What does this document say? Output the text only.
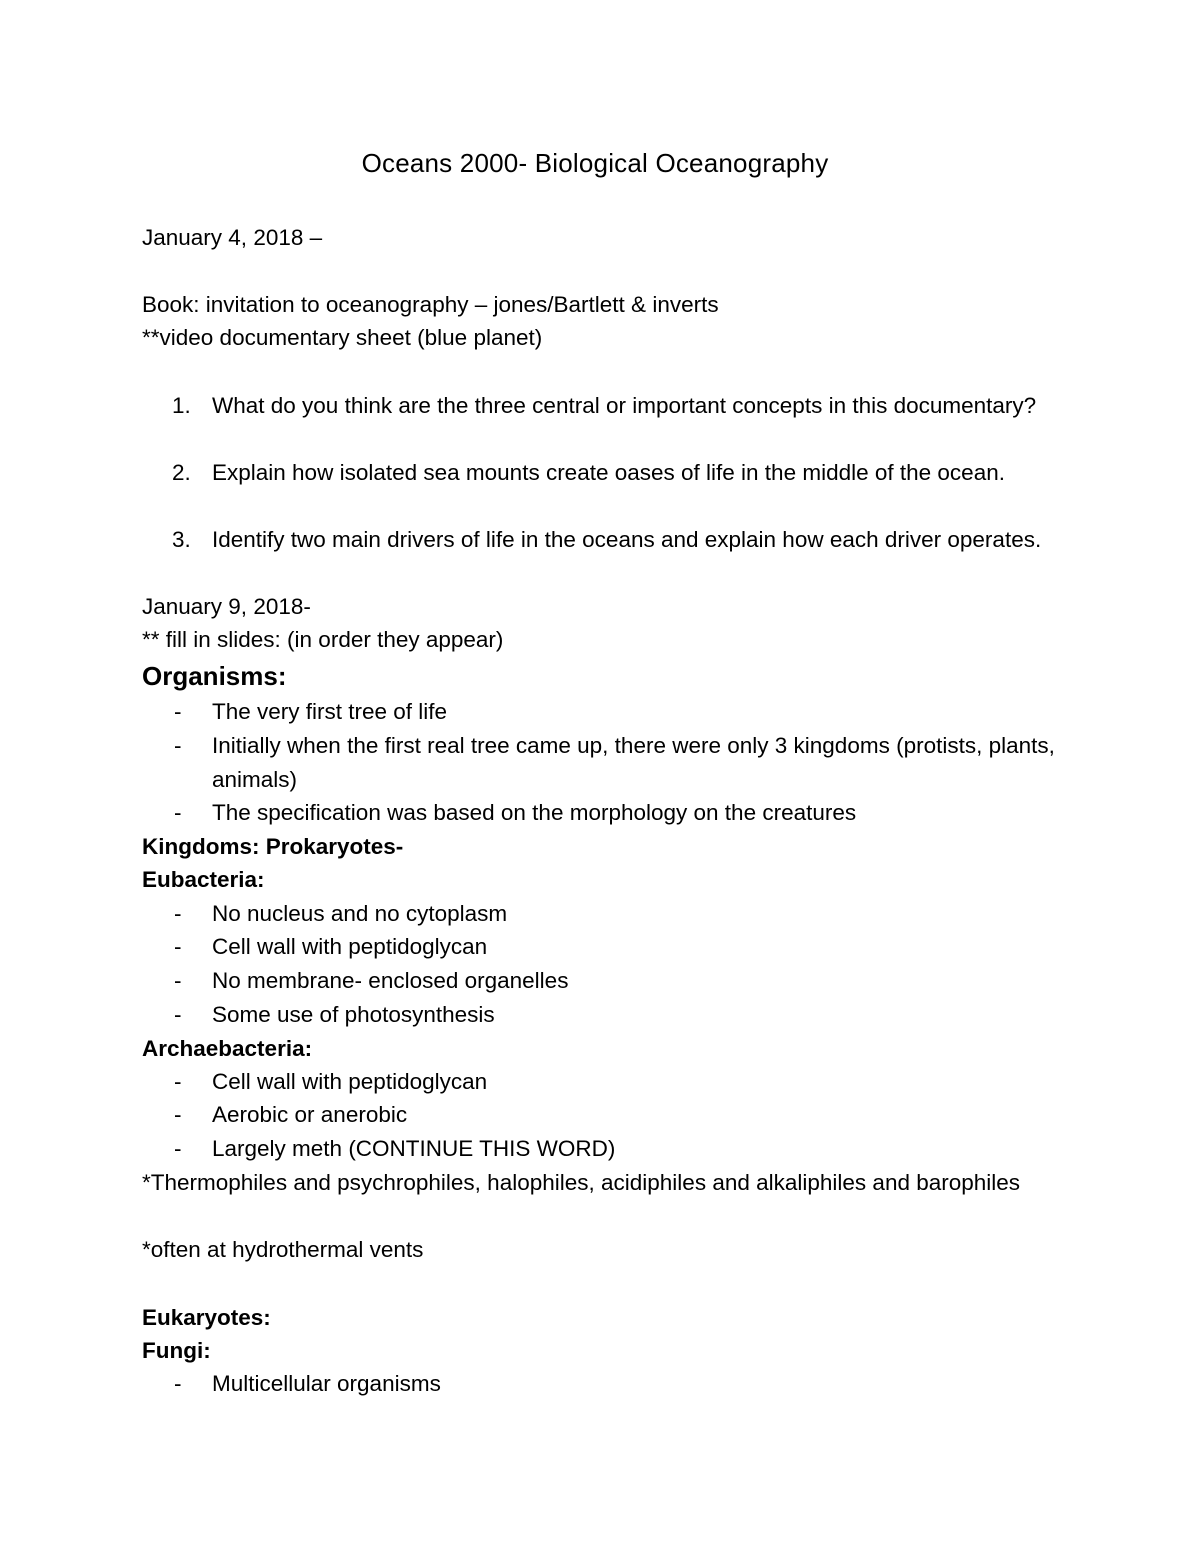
Oceans 2000- Biological Oceanography
January 4, 2018 –
Book: invitation to oceanography – jones/Bartlett & inverts
**video documentary sheet (blue planet)
1. What do you think are the three central or important concepts in this documentary?
2. Explain how isolated sea mounts create oases of life in the middle of the ocean.
3. Identify two main drivers of life in the oceans and explain how each driver operates.
January 9, 2018-
** fill in slides: (in order they appear)
Organisms:
-	The very first tree of life
-	Initially when the first real tree came up, there were only 3 kingdoms (protists, plants, animals)
-	The specification was based on the morphology on the creatures
Kingdoms: Prokaryotes-
Eubacteria:
-	No nucleus and no cytoplasm
-	Cell wall with peptidoglycan
-	No membrane- enclosed organelles
-	Some use of photosynthesis
Archaebacteria:
-	Cell wall with peptidoglycan
-	Aerobic or anerobic
-	Largely meth (CONTINUE THIS WORD)
*Thermophiles and psychrophiles, halophiles, acidiphiles and alkaliphiles and barophiles
*often at hydrothermal vents
Eukaryotes:
Fungi:
-	Multicellular organisms
